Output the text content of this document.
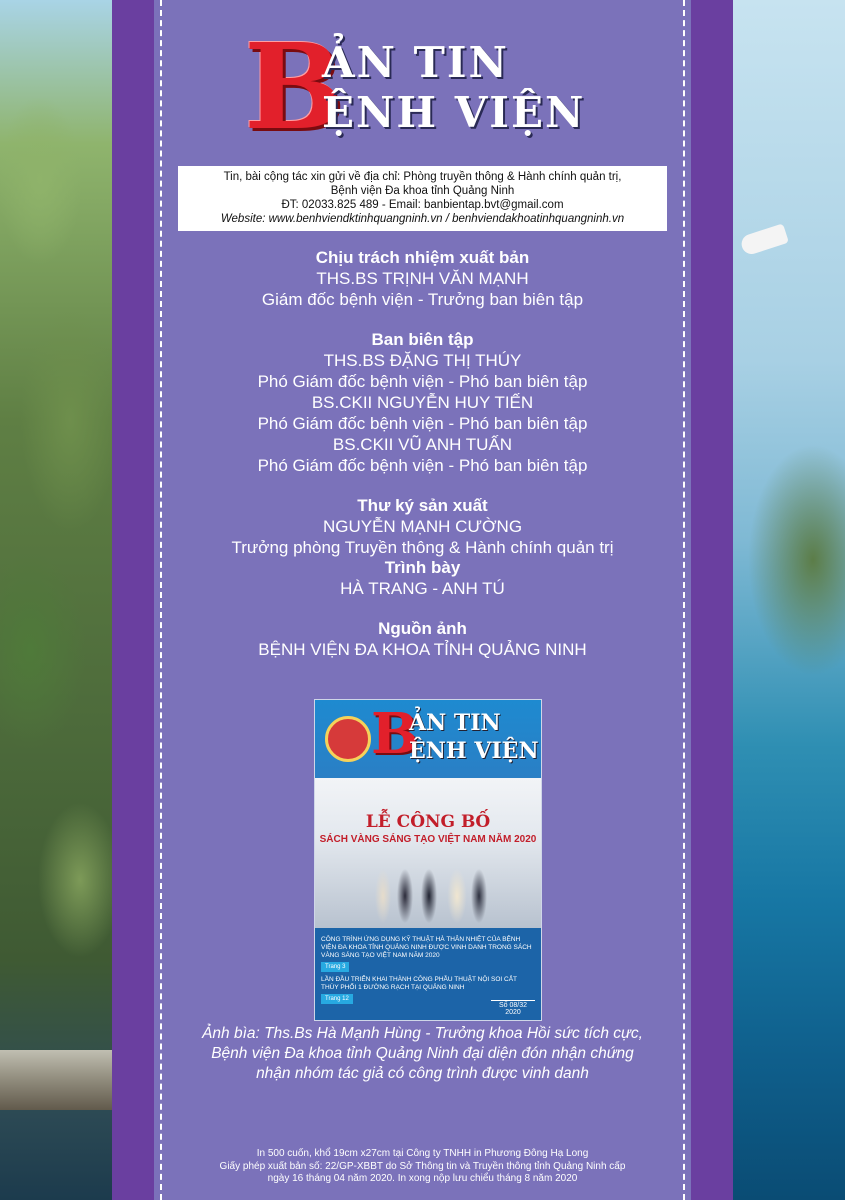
B
ẢN TIN
ỆNH VIỆN
Tin, bài cộng tác xin gửi về địa chỉ: Phòng truyền thông & Hành chính quản trị,
Bệnh viện Đa khoa tỉnh Quảng Ninh
ĐT: 02033.825 489 - Email: banbientap.bvt@gmail.com
Website: www.benhviendktinhquangninh.vn / benhviendakhoatinhquangninh.vn
Chịu trách nhiệm xuất bản
THS.BS TRỊNH VĂN MẠNH
Giám đốc bệnh viện - Trưởng ban biên tập
Ban biên tập
THS.BS ĐẶNG THỊ THÚY
Phó Giám đốc bệnh viện - Phó ban biên tập
BS.CKII NGUYỄN HUY TIẾN
Phó Giám đốc bệnh viện - Phó ban biên tập
BS.CKII VŨ ANH TUẤN
Phó Giám đốc bệnh viện - Phó ban biên tập
Thư ký sản xuất
NGUYỄN MẠNH CƯỜNG
Trưởng phòng Truyền thông & Hành chính quản trị
Trình bày
HÀ TRANG - ANH TÚ
Nguồn ảnh
BỆNH VIỆN ĐA KHOA TỈNH QUẢNG NINH
B
ẢN TIN
ỆNH VIỆN
LỄ CÔNG BỐ
SÁCH VÀNG SÁNG TẠO VIỆT NAM NĂM 2020
CÔNG TRÌNH ỨNG DỤNG KỸ THUẬT HÀ THÂN NHIỆT CỦA BỆNH VIỆN ĐA KHOA TỈNH QUẢNG NINH ĐƯỢC VINH DANH TRONG SÁCH VÀNG SÁNG TẠO VIỆT NAM NĂM 2020
Trang 3
LẦN ĐẦU TRIỂN KHAI THÀNH CÔNG PHẪU THUẬT NỘI SOI CẮT THÙY PHỔI 1 ĐƯỜNG RẠCH TẠI QUẢNG NINH
Trang 12
Số 08/32
2020
Ảnh bìa: Ths.Bs Hà Mạnh Hùng - Trưởng khoa Hồi sức tích cực,
Bệnh viện Đa khoa tỉnh Quảng Ninh đại diện đón nhận chứng
nhận nhóm tác giả có công trình được vinh danh
In 500 cuốn, khổ 19cm x27cm tại Công ty TNHH in Phương Đông Hạ Long
Giấy phép xuất bản số: 22/GP-XBBT do Sở Thông tin và Truyền thông tỉnh Quảng Ninh cấp
ngày 16 tháng 04 năm 2020. In xong nộp lưu chiểu tháng 8 năm 2020
